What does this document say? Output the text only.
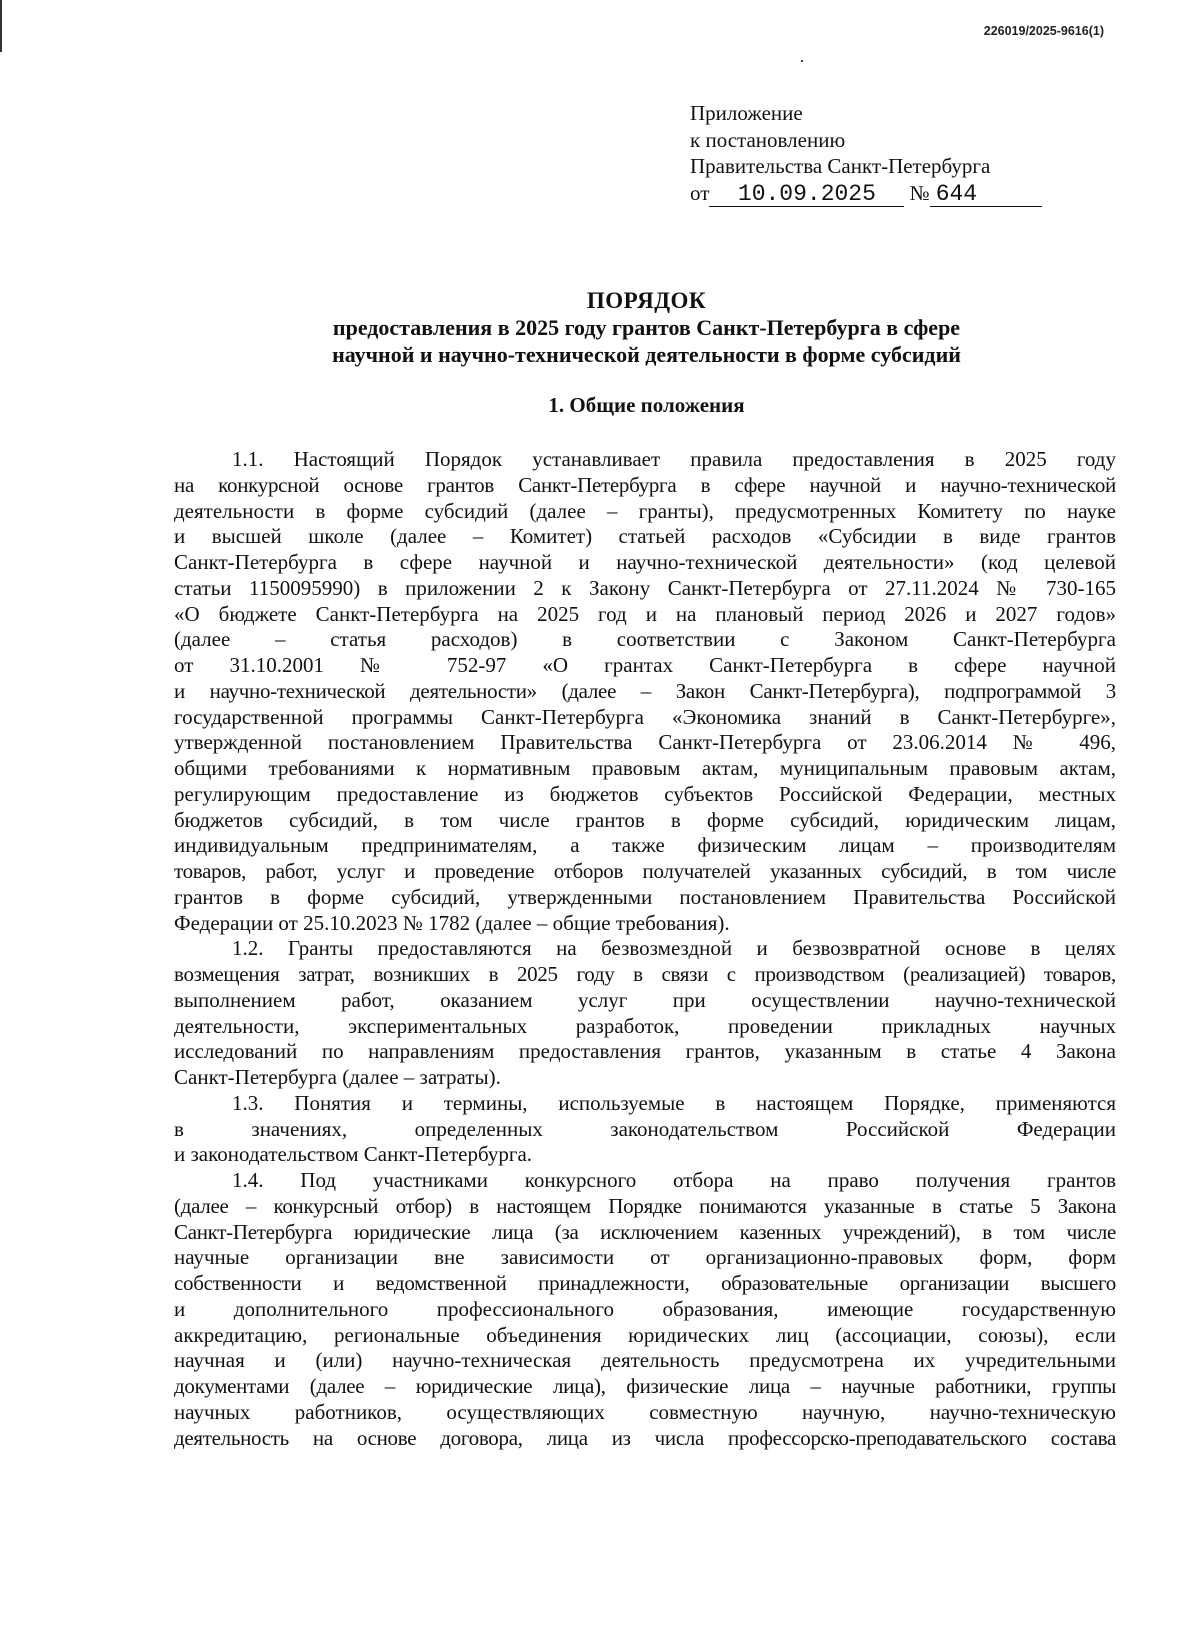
226019/2025-9616(1)
Приложение
к постановлению
Правительства Санкт-Петербурга
от 10.09.2025 № 644
ПОРЯДОК
предоставления в 2025 году грантов Санкт-Петербурга в сфере
научной и научно-технической деятельности в форме субсидий
1. Общие положения
1.1. Настоящий Порядок устанавливает правила предоставления в 2025 году
на конкурсной основе грантов Санкт-Петербурга в сфере научной и научно-технической
деятельности в форме субсидий (далее – гранты), предусмотренных Комитету по науке
и высшей школе (далее – Комитет) статьей расходов «Субсидии в виде грантов
Санкт-Петербурга в сфере научной и научно-технической деятельности» (код целевой
статьи 1150095990) в приложении 2 к Закону Санкт-Петербурга от 27.11.2024 № 730-165
«О бюджете Санкт-Петербурга на 2025 год и на плановый период 2026 и 2027 годов»
(далее – статья расходов) в соответствии с Законом Санкт-Петербурга
от 31.10.2001 № 752-97 «О грантах Санкт-Петербурга в сфере научной
и научно-технической деятельности» (далее – Закон Санкт-Петербурга), подпрограммой 3
государственной программы Санкт-Петербурга «Экономика знаний в Санкт-Петербурге»,
утвержденной постановлением Правительства Санкт-Петербурга от 23.06.2014 № 496,
общими требованиями к нормативным правовым актам, муниципальным правовым актам,
регулирующим предоставление из бюджетов субъектов Российской Федерации, местных
бюджетов субсидий, в том числе грантов в форме субсидий, юридическим лицам,
индивидуальным предпринимателям, а также физическим лицам – производителям
товаров, работ, услуг и проведение отборов получателей указанных субсидий, в том числе
грантов в форме субсидий, утвержденными постановлением Правительства Российской
Федерации от 25.10.2023 № 1782 (далее – общие требования).
1.2. Гранты предоставляются на безвозмездной и безвозвратной основе в целях
возмещения затрат, возникших в 2025 году в связи с производством (реализацией) товаров,
выполнением работ, оказанием услуг при осуществлении научно-технической
деятельности, экспериментальных разработок, проведении прикладных научных
исследований по направлениям предоставления грантов, указанным в статье 4 Закона
Санкт-Петербурга (далее – затраты).
1.3. Понятия и термины, используемые в настоящем Порядке, применяются
в значениях, определенных законодательством Российской Федерации
и законодательством Санкт-Петербурга.
1.4. Под участниками конкурсного отбора на право получения грантов
(далее – конкурсный отбор) в настоящем Порядке понимаются указанные в статье 5 Закона
Санкт-Петербурга юридические лица (за исключением казенных учреждений), в том числе
научные организации вне зависимости от организационно-правовых форм, форм
собственности и ведомственной принадлежности, образовательные организации высшего
и дополнительного профессионального образования, имеющие государственную
аккредитацию, региональные объединения юридических лиц (ассоциации, союзы), если
научная и (или) научно-техническая деятельность предусмотрена их учредительными
документами (далее – юридические лица), физические лица – научные работники, группы
научных работников, осуществляющих совместную научную, научно-техническую
деятельность на основе договора, лица из числа профессорско-преподавательского состава
